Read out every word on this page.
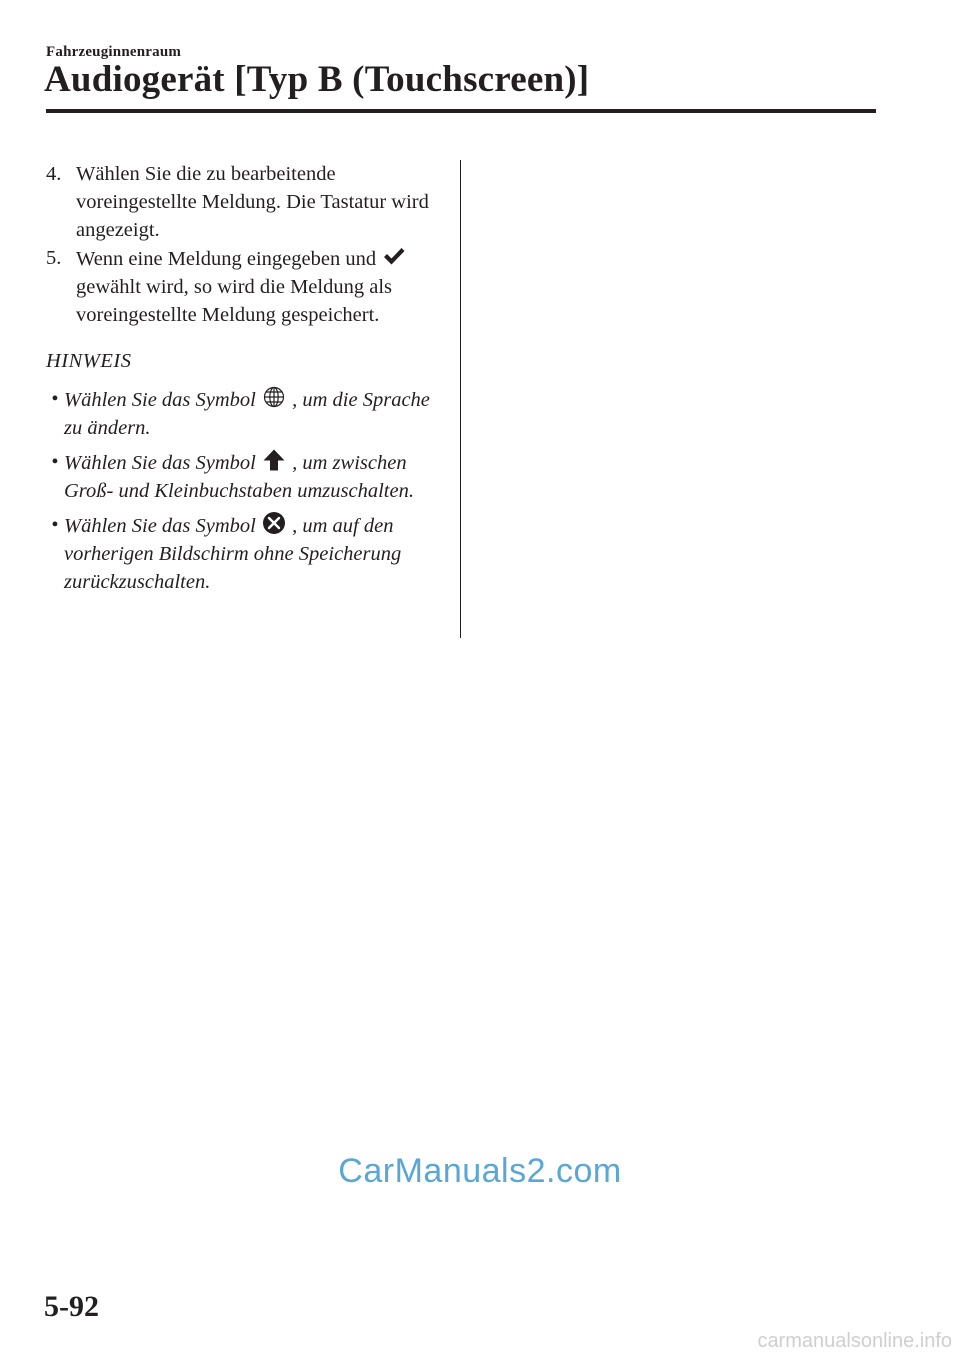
Fahrzeuginnenraum
Audiogerät [Typ B (Touchscreen)]
4. Wählen Sie die zu bearbeitende voreingestellte Meldung. Die Tastatur wird angezeigt.
5. Wenn eine Meldung eingegeben und
gewählt wird, so wird die Meldung als voreingestellte Meldung gespeichert.
HINWEIS
• Wählen Sie das Symbol , um die Sprache zu ändern.
• Wählen Sie das Symbol , um zwischen Groß- und Kleinbuchstaben umzuschalten.
• Wählen Sie das Symbol , um auf den vorherigen Bildschirm ohne Speicherung zurückzuschalten.
CarManuals2.com
5-92
carmanualsonline.info
